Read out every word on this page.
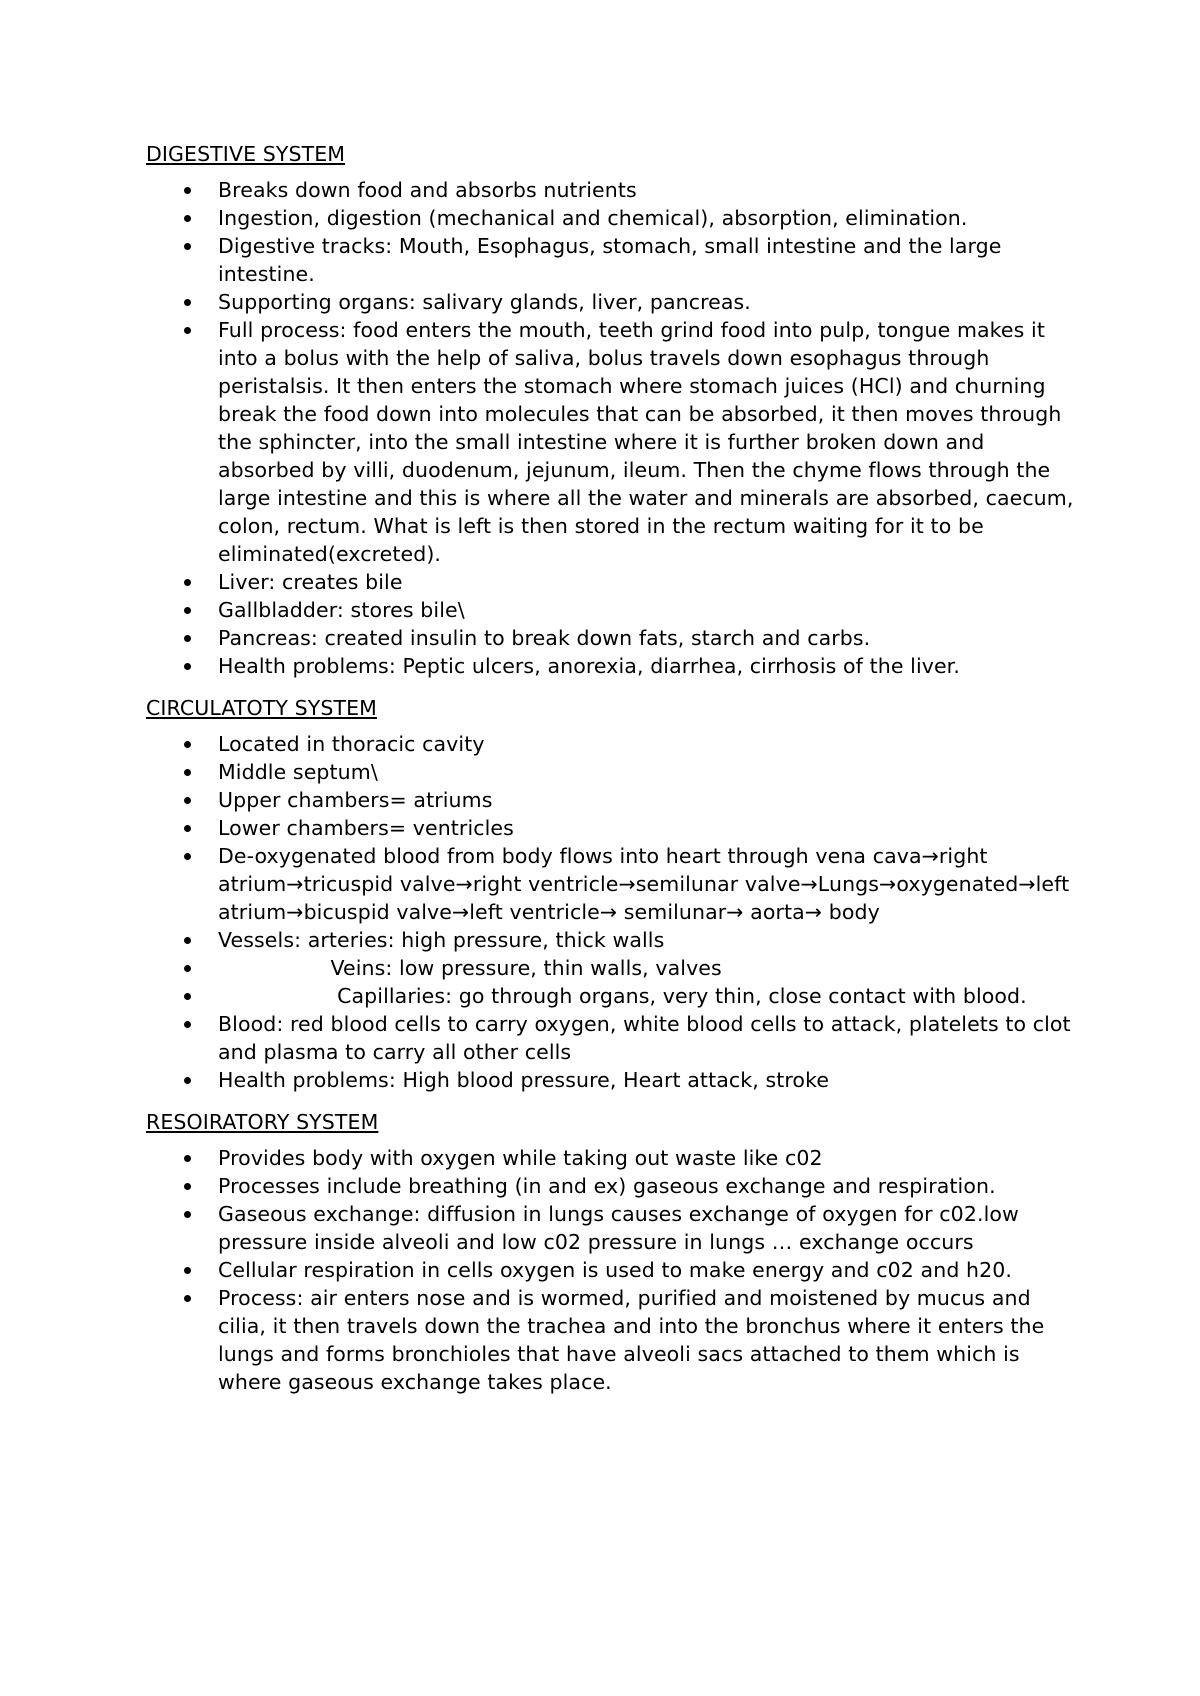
DIGESTIVE SYSTEM
Breaks down food and absorbs nutrients
Ingestion, digestion (mechanical and chemical), absorption, elimination.
Digestive tracks: Mouth, Esophagus, stomach, small intestine and the large intestine.
Supporting organs: salivary glands, liver, pancreas.
Full process: food enters the mouth, teeth grind food into pulp, tongue makes it into a bolus with the help of saliva, bolus travels down esophagus through peristalsis. It then enters the stomach where stomach juices (HCl) and churning break the food down into molecules that can be absorbed, it then moves through the sphincter, into the small intestine where it is further broken down and absorbed by villi, duodenum, jejunum, ileum. Then the chyme flows through the large intestine and this is where all the water and minerals are absorbed, caecum, colon, rectum. What is left is then stored in the rectum waiting for it to be eliminated(excreted).
Liver: creates bile
Gallbladder: stores bile\
Pancreas: created insulin to break down fats, starch and carbs.
Health problems: Peptic ulcers, anorexia, diarrhea, cirrhosis of the liver.
CIRCULATOTY SYSTEM
Located in thoracic cavity
Middle septum\
Upper chambers= atriums
Lower chambers= ventricles
De-oxygenated blood from body flows into heart through vena cava→right atrium→tricuspid valve→right ventricle→semilunar valve→Lungs→oxygenated→left atrium→bicuspid valve→left ventricle→ semilunar→ aorta→ body
Vessels: arteries: high pressure, thick walls
Veins: low pressure, thin walls, valves
Capillaries: go through organs, very thin, close contact with blood.
Blood: red blood cells to carry oxygen, white blood cells to attack, platelets to clot and plasma to carry all other cells
Health problems: High blood pressure, Heart attack, stroke
RESOIRATORY SYSTEM
Provides body with oxygen while taking out waste like c02
Processes include breathing (in and ex) gaseous exchange and respiration.
Gaseous exchange: diffusion in lungs causes exchange of oxygen for c02.low pressure inside alveoli and low c02 pressure in lungs … exchange occurs
Cellular respiration in cells oxygen is used to make energy and c02 and h20.
Process: air enters nose and is wormed, purified and moistened by mucus and cilia, it then travels down the trachea and into the bronchus where it enters the lungs and forms bronchioles that have alveoli sacs attached to them which is where gaseous exchange takes place.
